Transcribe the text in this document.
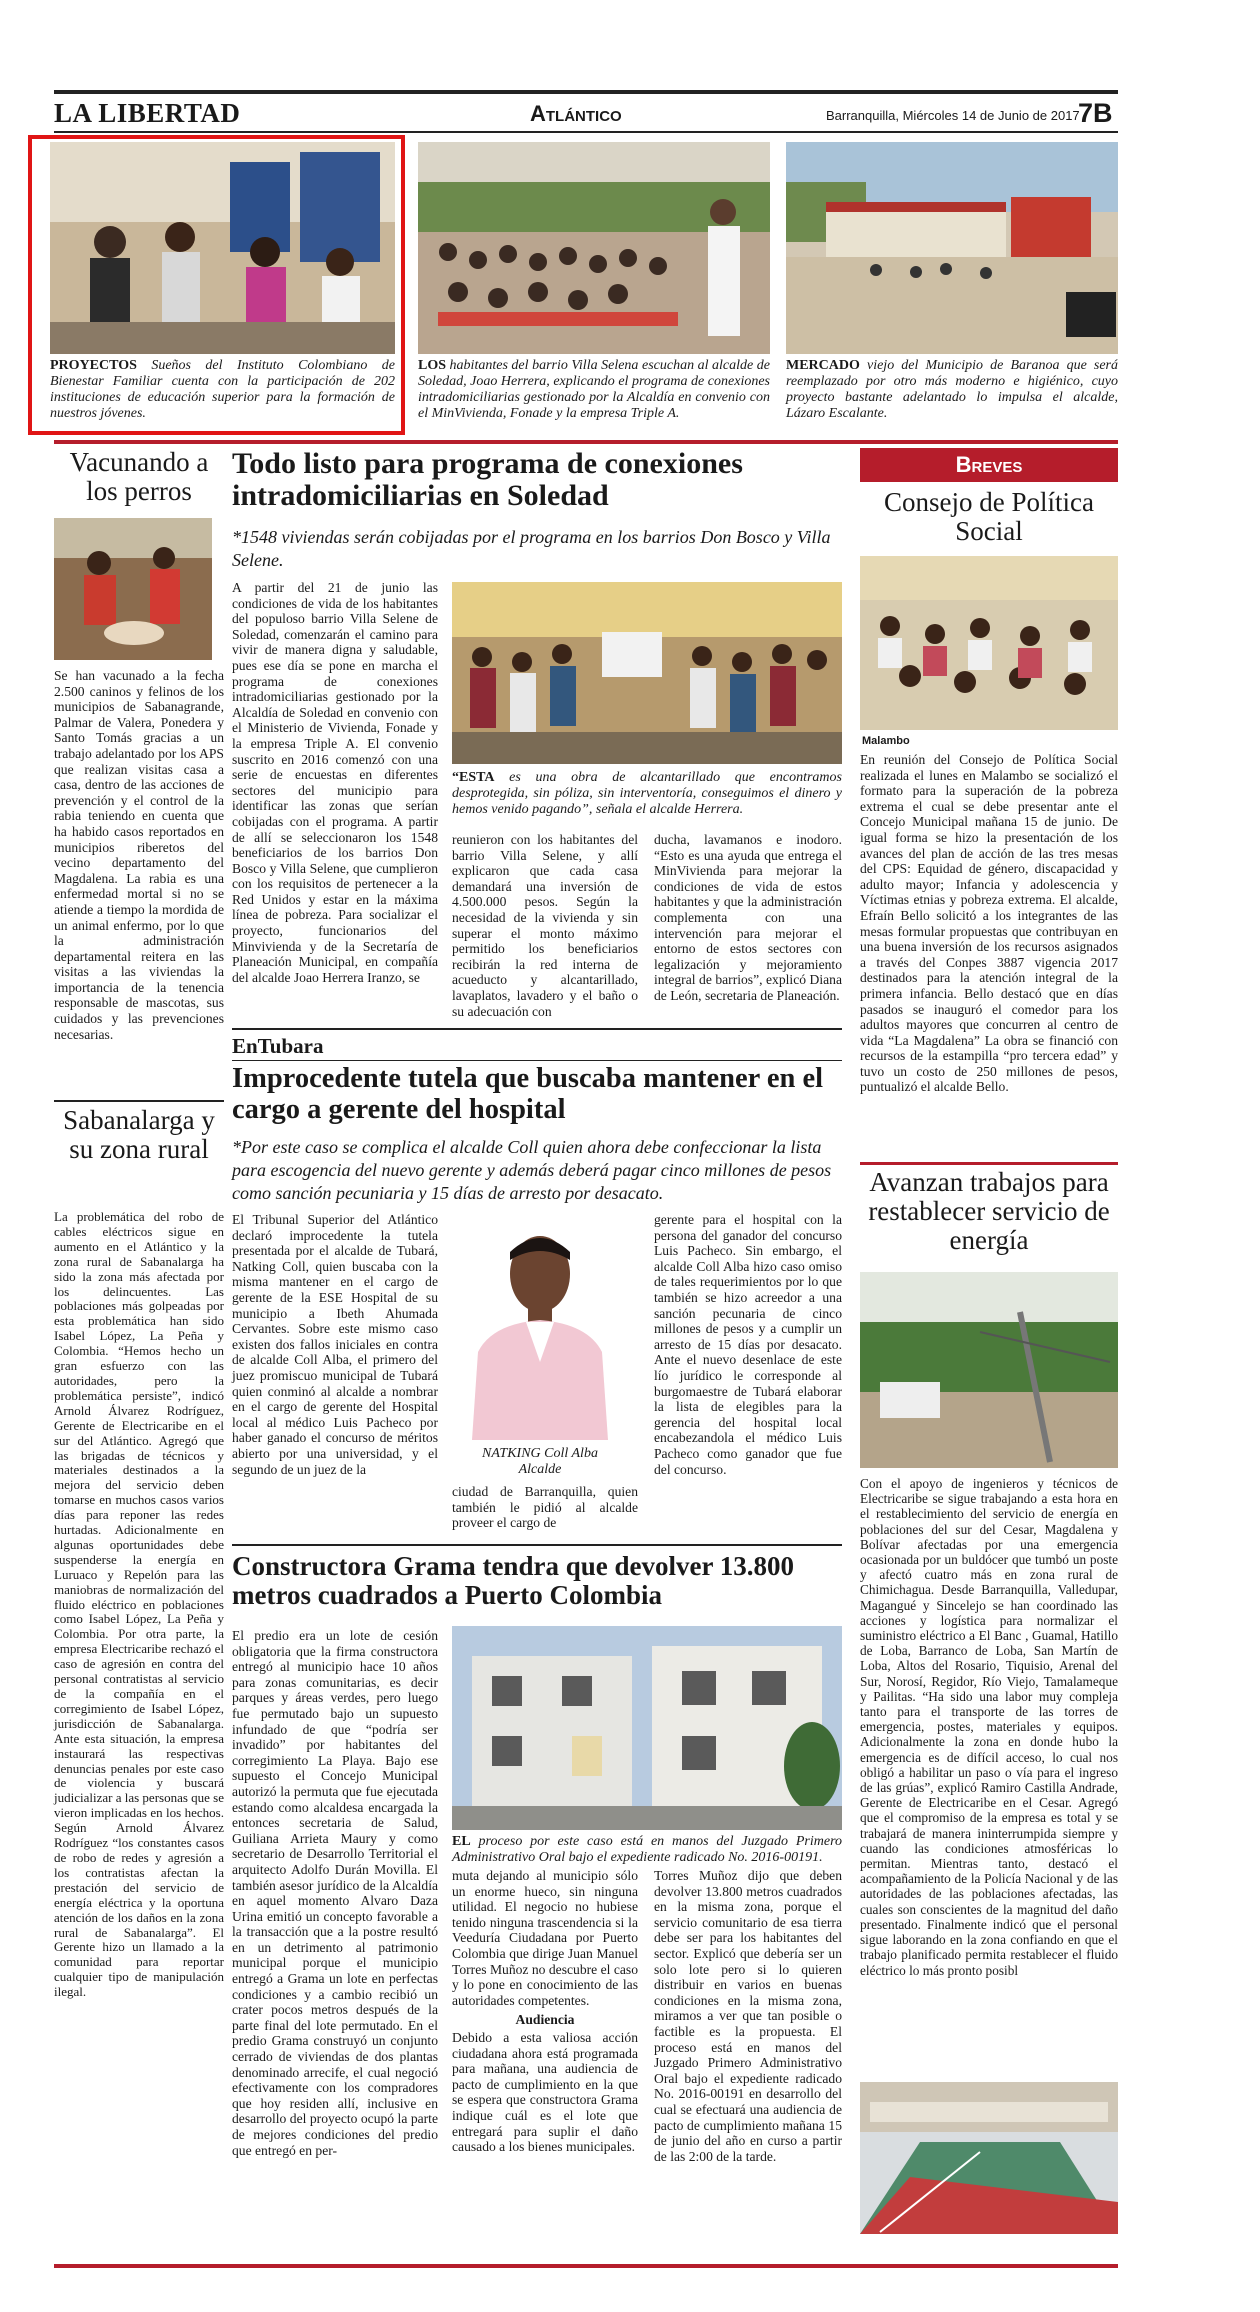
LA LIBERTAD	Atlántico	Barranquilla, Miércoles 14 de Junio de 2017
7B
PROYECTOS Sueños del Instituto Colombiano de Bienestar Familiar cuenta con la participación de 202 instituciones de educación superior para la formación de nuestros jóvenes.
LOS habitantes del barrio Villa Selena escuchan al alcalde de Soledad, Joao Herrera, explicando el programa de conexiones intradomiciliarias gestionado por la Alcaldía en convenio con el MinVivienda, Fonade y la empresa Triple A.
MERCADO viejo del Municipio de Baranoa que será reemplazado por otro más moderno e higiénico, cuyo proyecto bastante adelantado lo impulsa el alcalde, Lázaro Escalante.
Vacunando a los perros
Se han vacunado a la fecha 2.500 caninos y felinos de los municipios de Sabanagrande, Palmar de Valera, Ponedera y Santo Tomás gracias a un trabajo adelantado por los APS que realizan visitas casa a casa, dentro de las acciones de prevención y el control de la rabia teniendo en cuenta que ha habido casos reportados en municipios riberetos del vecino departamento del Magdalena. La rabia es una enfermedad mortal si no se atiende a tiempo la mordida de un animal enfermo, por lo que la administración departamental reitera en las visitas a las viviendas la importancia de la tenencia responsable de mascotas, sus cuidados y las prevenciones necesarias.
Sabanalarga y su zona rural
La problemática del robo de cables eléctricos sigue en aumento en el Atlántico y la zona rural de Sabanalarga ha sido la zona más afectada por los delincuentes. Las poblaciones más golpeadas por esta problemática han sido Isabel López, La Peña y Colombia. “Hemos hecho un gran esfuerzo con las autoridades, pero la problemática persiste”, indicó Arnold Álvarez Rodríguez, Gerente de Electricaribe en el sur del Atlántico. Agregó que las brigadas de técnicos y materiales destinados a la mejora del servicio deben tomarse en muchos casos varios días para reponer las redes hurtadas. Adicionalmente en algunas oportunidades debe suspenderse la energía en Luruaco y Repelón para las maniobras de normalización del fluido eléctrico en poblaciones como Isabel López, La Peña y Colombia. Por otra parte, la empresa Electricaribe rechazó el caso de agresión en contra del personal contratistas al servicio de la compañía en el corregimiento de Isabel López, jurisdicción de Sabanalarga. Ante esta situación, la empresa instaurará las respectivas denuncias penales por este caso de violencia y buscará judicializar a las personas que se vieron implicadas en los hechos. Según Arnold Álvarez Rodríguez “los constantes casos de robo de redes y agresión a los contratistas afectan la prestación del servicio de energía eléctrica y la oportuna atención de los daños en la zona rural de Sabanalarga”. El Gerente hizo un llamado a la comunidad para reportar cualquier tipo de manipulación ilegal.
Todo listo para programa de conexiones intradomiciliarias en Soledad
*1548 viviendas serán cobijadas por el programa en los barrios Don Bosco y Villa Selene.
A partir del 21 de junio las condiciones de vida de los habitantes del populoso barrio Villa Selene de Soledad, comenzarán el camino para vivir de manera digna y saludable, pues ese día se pone en marcha el programa de conexiones intradomiciliarias gestionado por la Alcaldía de Soledad en convenio con el Ministerio de Vivienda, Fonade y la empresa Triple A. El convenio suscrito en 2016 comenzó con una serie de encuestas en diferentes sectores del municipio para identificar las zonas que serían cobijadas con el programa. A partir de allí se seleccionaron los 1548 beneficiarios de los barrios Don Bosco y Villa Selene, que cumplieron con los requisitos de pertenecer a la Red Unidos y estar en la máxima línea de pobreza. Para socializar el proyecto, funcionarios del Minvivienda y de la Secretaría de Planeación Municipal, en compañía del alcalde Joao Herrera Iranzo, se
“ESTA es una obra de alcantarillado que encontramos desprotegida, sin póliza, sin interventoría, conseguimos el dinero y hemos venido pagando”, señala el alcalde Herrera.
reunieron con los habitantes del barrio Villa Selene, y allí explicaron que cada casa demandará una inversión de 4.500.000 pesos. Según la necesidad de la vivienda y sin superar el monto máximo permitido los beneficiarios recibirán la red interna de acueducto y alcantarillado, lavaplatos, lavadero y el baño o su adecuación con
ducha, lavamanos e inodoro. “Esto es una ayuda que entrega el MinVivienda para mejorar la condiciones de vida de estos habitantes y que la administración complementa con una intervención para mejorar el entorno de estos sectores con legalización y mejoramiento integral de barrios”, explicó Diana de León, secretaria de Planeación.
EnTubara
Improcedente tutela que buscaba mantener en el cargo a gerente del hospital
*Por este caso se complica el alcalde Coll quien ahora debe confeccionar la lista para escogencia del nuevo gerente y además deberá pagar cinco millones de pesos como sanción pecuniaria y 15 días de arresto por desacato.
El Tribunal Superior del Atlántico declaró improcedente la tutela presentada por el alcalde de Tubará, Natking Coll, quien buscaba con la misma mantener en el cargo de gerente de la ESE Hospital de su municipio a Ibeth Ahumada Cervantes. Sobre este mismo caso existen dos fallos iniciales en contra de alcalde Coll Alba, el primero del juez promiscuo municipal de Tubará quien conminó al alcalde a nombrar en el cargo de gerente del Hospital local al médico Luis Pacheco por haber ganado el concurso de méritos abierto por una universidad, y el segundo de un juez de la
NATKING Coll Alba Alcalde
ciudad de Barranquilla, quien también le pidió al alcalde proveer el cargo de
gerente para el hospital con la persona del ganador del concurso Luis Pacheco. Sin embargo, el alcalde Coll Alba hizo caso omiso de tales requerimientos por lo que también se hizo acreedor a una sanción pecunaria de cinco millones de pesos y a cumplir un arresto de 15 días por desacato. Ante el nuevo desenlace de este lío jurídico le corresponde al burgomaestre de Tubará elaborar la lista de elegibles para la gerencia del hospital local encabezandola el médico Luis Pacheco como ganador que fue del concurso.
Constructora Grama tendra que devolver 13.800 metros cuadrados a Puerto Colombia
El predio era un lote de cesión obligatoria que la firma constructora entregó al municipio hace 10 años para zonas comunitarias, es decir parques y áreas verdes, pero luego fue permutado bajo un supuesto infundado de que “podría ser invadido” por habitantes del corregimiento La Playa. Bajo ese supuesto el Concejo Municipal autorizó la permuta que fue ejecutada estando como alcaldesa encargada la entonces secretaria de Salud, Guiliana Arrieta Maury y como secretario de Desarrollo Territorial el arquitecto Adolfo Durán Movilla. El también asesor jurídico de la Alcaldía en aquel momento Alvaro Daza Urina emitió un concepto favorable a la transacción que a la postre resultó en un detrimento al patrimonio municipal porque el municipio entregó a Grama un lote en perfectas condiciones y a cambio recibió un crater pocos metros después de la parte final del lote permutado. En el predio Grama construyó un conjunto cerrado de viviendas de dos plantas denominado arrecife, el cual negoció efectivamente con los compradores que hoy residen allí, inclusive en desarrollo del proyecto ocupó la parte de mejores condiciones del predio que entregó en per-
EL proceso por este caso está en manos del Juzgado Primero Administrativo Oral bajo el expediente radicado No. 2016-00191.

muta dejando al municipio sólo un enorme hueco, sin ninguna utilidad. El negocio no hubiese tenido ninguna trascendencia si la Veeduría Ciudadana por Puerto Colombia que dirige Juan Manuel Torres Muñoz no descubre el caso y lo pone en conocimiento de las autoridades competentes.

Audiencia

Debido a esta valiosa acción ciudadana ahora está programada para mañana, una audiencia de pacto de cumplimiento en la que se espera que constructora Grama indique cuál es el lote que entregará para suplir el daño causado a los bienes municipales.

Torres Muñoz dijo que deben devolver 13.800 metros cuadrados en la misma zona, porque el servicio comunitario de esa tierra debe ser para los habitantes del sector. Explicó que debería ser un solo lote pero si lo quieren distribuir en varios en buenas condiciones en la misma zona, miramos a ver que tan posible o factible es la propuesta. El proceso está en manos del Juzgado Primero Administrativo Oral bajo el expediente radicado No. 2016-00191 en desarrollo del cual se efectuará una audiencia de pacto de cumplimiento mañana 15 de junio del año en curso a partir de las 2:00 de la tarde.
Breves
Consejo de Política Social
Malambo
En reunión del Consejo de Política Social realizada el lunes en Malambo se socializó el formato para la superación de la pobreza extrema el cual se debe presentar ante el Concejo Municipal mañana 15 de junio. De igual forma se hizo la presentación de los avances del plan de acción de las tres mesas del CPS: Equidad de género, discapacidad y adulto mayor; Infancia y adolescencia y Víctimas etnias y pobreza extrema. El alcalde, Efraín Bello solicitó a los integrantes de las mesas formular propuestas que contribuyan en una buena inversión de los recursos asignados a través del Conpes 3887 vigencia 2017 destinados para la atención integral de la primera infancia. Bello destacó que en días pasados se inauguró el comedor para los adultos mayores que concurren al centro de vida “La Magdalena” La obra se financió con recursos de la estampilla “pro tercera edad” y tuvo un costo de 250 millones de pesos, puntualizó el alcalde Bello.
Avanzan trabajos para restablecer servicio de energía
Con el apoyo de ingenieros y técnicos de Electricaribe se sigue trabajando a esta hora en el restablecimiento del servicio de energía en poblaciones del sur del Cesar, Magdalena y Bolívar afectadas por una emergencia ocasionada por un buldócer que tumbó un poste y afectó cuatro más en zona rural de Chimichagua. Desde Barranquilla, Valledupar, Magangué y Sincelejo se han coordinado las acciones y logística para normalizar el suministro eléctrico a El Banc , Guamal, Hatillo de Loba, Barranco de Loba, San Martín de Loba, Altos del Rosario, Tiquisio, Arenal del Sur, Norosí, Regidor, Río Viejo, Tamalameque y Pailitas. “Ha sido una labor muy compleja tanto para el transporte de las torres de emergencia, postes, materiales y equipos. Adicionalmente la zona en donde hubo la emergencia es de difícil acceso, lo cual nos obligó a habilitar un paso o vía para el ingreso de las grúas”, explicó Ramiro Castilla Andrade, Gerente de Electricaribe en el Cesar. Agregó que el compromiso de la empresa es total y se trabajará de manera ininterrumpida siempre y cuando las condiciones atmosféricas lo permitan. Mientras tanto, destacó el acompañamiento de la Policía Nacional y de las autoridades de las poblaciones afectadas, las cuales son conscientes de la magnitud del daño presentado. Finalmente indicó que el personal sigue laborando en la zona confiando en que el trabajo planificado permita restablecer el fluido eléctrico lo más pronto posibl
